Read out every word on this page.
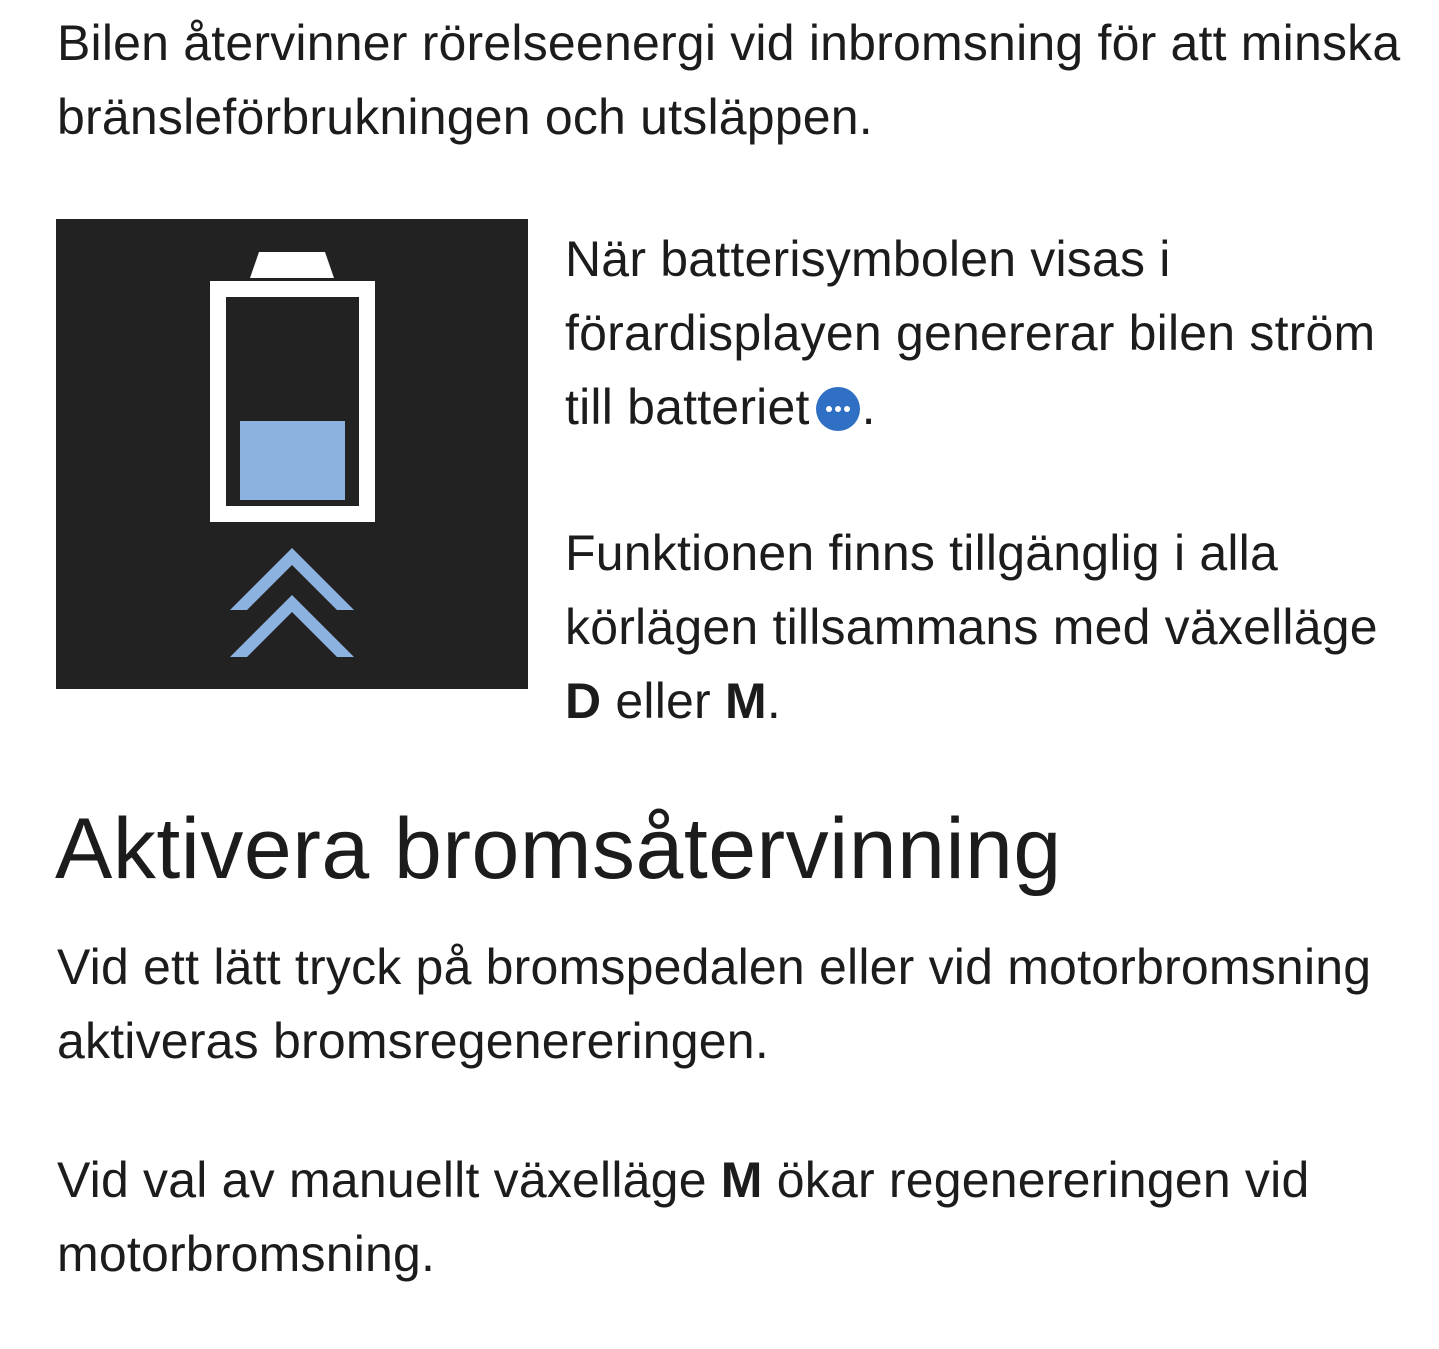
Bilen återvinner rörelseenergi vid inbromsning för att minska bränsleförbrukningen och utsläppen.

När batterisymbolen visas i förardisplayen genererar bilen ström till batteriet .

Funktionen finns tillgänglig i alla körlägen tillsammans med växelläge D eller M.

Aktivera bromsåtervinning

Vid ett lätt tryck på bromspedalen eller vid motorbromsning aktiveras bromsregenereringen.

Vid val av manuellt växelläge M ökar regenereringen vid motorbromsning.
